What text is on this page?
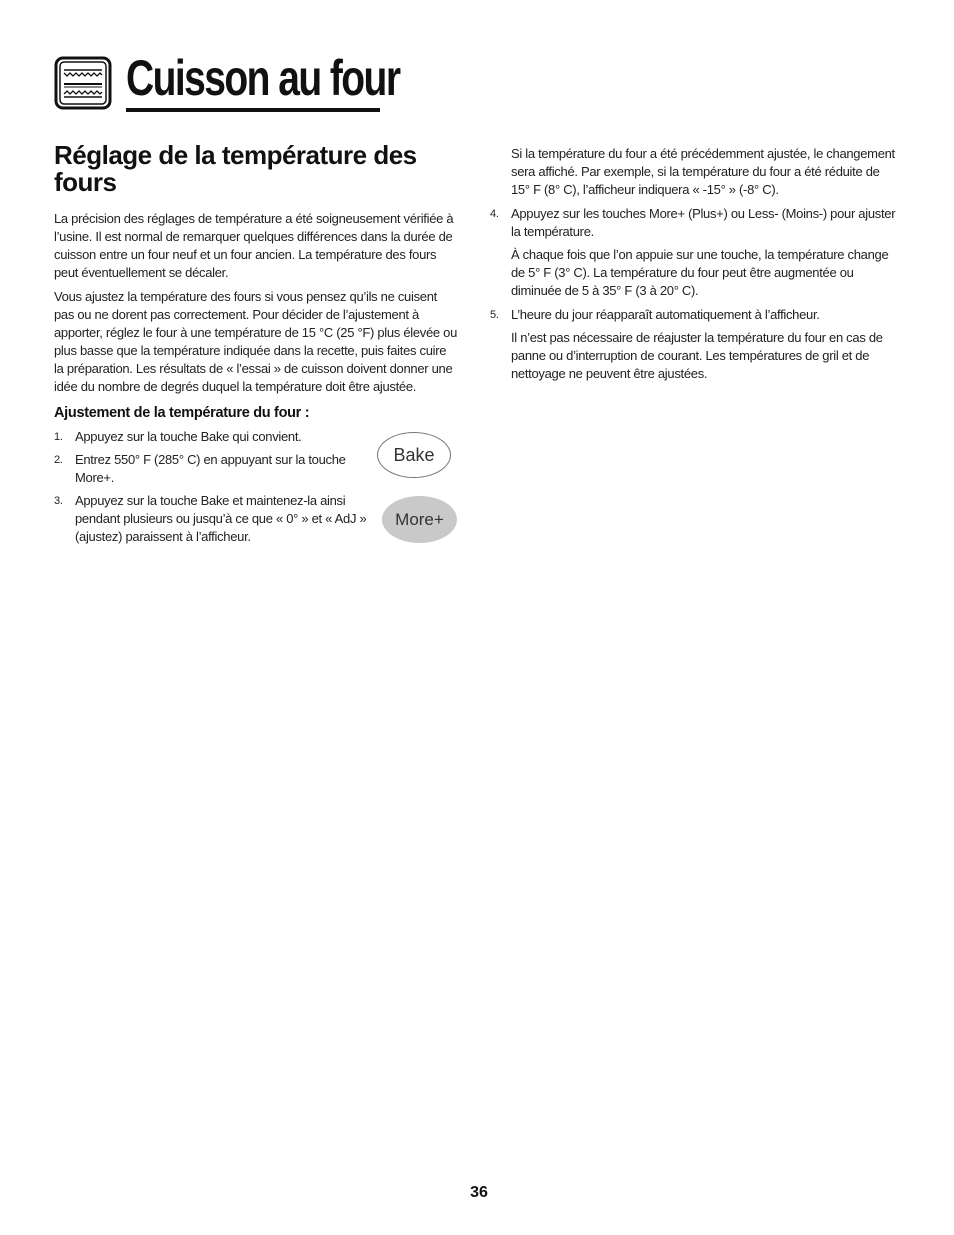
Cuisson au four
Réglage de la température des fours

La précision des réglages de température a été soigneusement vérifiée à l’usine. Il est normal de remarquer quelques différences dans la durée de cuisson entre un four neuf et un four ancien. La température des fours peut éventuellement se décaler.

Vous ajustez la température des fours si vous pensez qu’ils ne cuisent pas ou ne dorent pas correctement. Pour décider de l’ajustement à apporter, réglez le four à une température de 15 °C (25 °F) plus élevée ou plus basse que la température indiquée dans la recette, puis faites cuire la préparation. Les résultats de « l’essai » de cuisson doivent donner une idée du nombre de degrés duquel la température doit être ajustée.

Ajustement de la température du four :
1. Appuyez sur la touche Bake qui convient.
2. Entrez 550° F (285° C) en appuyant sur la touche More+.
3. Appuyez sur la touche Bake et maintenez-la ainsi pendant plusieurs ou jusqu’à ce que « 0° » et « AdJ » (ajustez) paraissent à l’afficheur.
Bake
More+

Si la température du four a été précédemment ajustée, le changement sera affiché. Par exemple, si la température du four a été réduite de 15° F (8° C), l’afficheur indiquera « -15° » (-8° C).

4. Appuyez sur les touches More+ (Plus+) ou Less- (Moins-) pour ajuster la température.

À chaque fois que l’on appuie sur une touche, la température change de 5° F (3° C). La température du four peut être augmentée ou diminuée de 5 à 35° F (3 à 20° C).

5. L’heure du jour réapparaît automatiquement à l’afficheur.

Il n’est pas nécessaire de réajuster la température du four en cas de panne ou d’interruption de courant. Les températures de gril et de nettoyage ne peuvent être ajustées.

36
